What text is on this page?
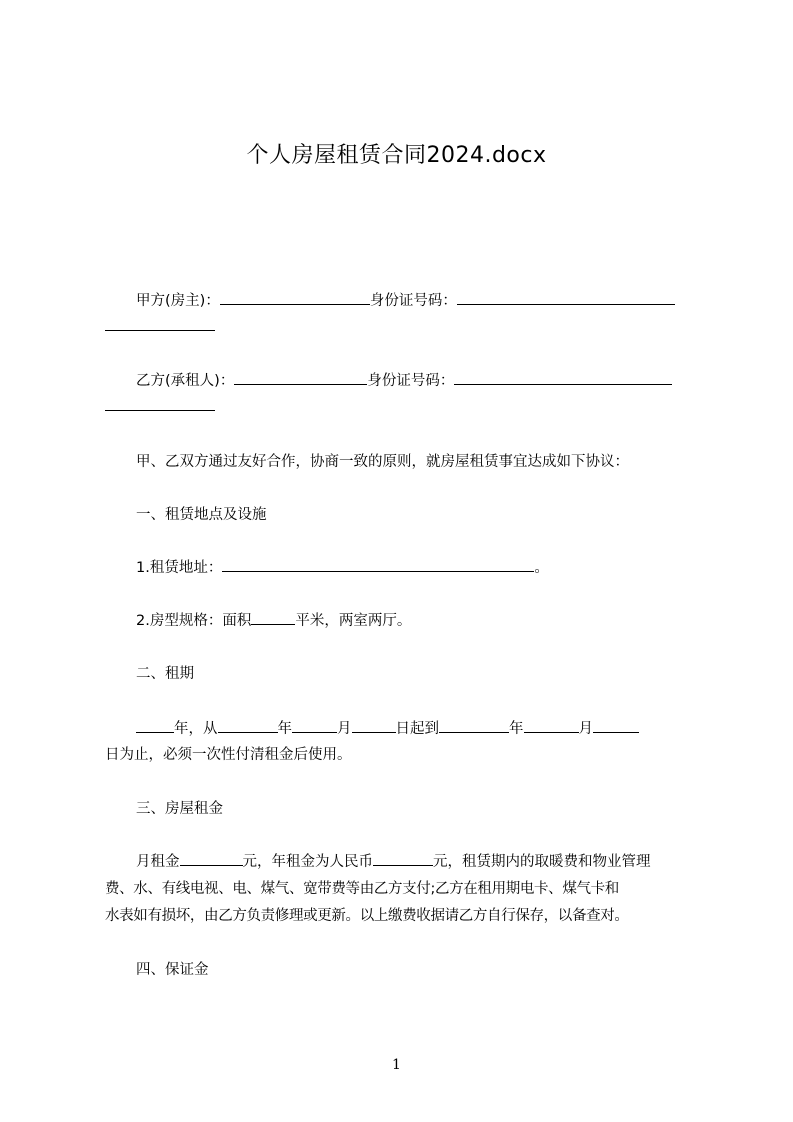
个人房屋租赁合同2024.docx
甲方(房主)：	身份证号码：
乙方(承租人)：	身份证号码：
甲、乙双方通过友好合作，协商一致的原则，就房屋租赁事宜达成如下协议：
一、租赁地点及设施
1.租赁地址：	。
2.房型规格：面积	平米，两室两厅。
二、租期
年，从	年	月	日起到	年	月
日为止，必须一次性付清租金后使用。
三、房屋租金
月租金	元，年租金为人民币	元，租赁期内的取暖费和物业管理
费、水、有线电视、电、煤气、宽带费等由乙方支付;乙方在租用期电卡、煤气卡和
水表如有损坏，由乙方负责修理或更新。以上缴费收据请乙方自行保存，以备查对。
四、保证金
1
